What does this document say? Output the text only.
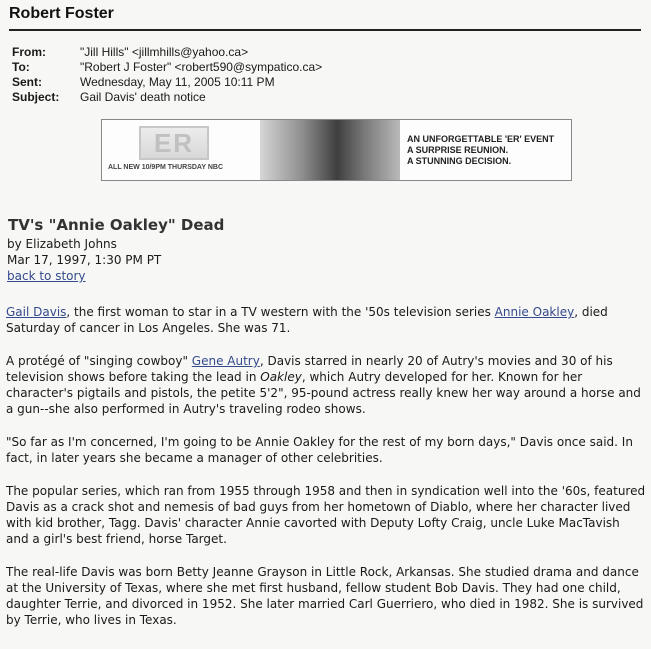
Robert Foster
From:	"Jill Hills" <jillmhills@yahoo.ca>
To:	"Robert J Foster" <robert590@sympatico.ca>
Sent:	Wednesday, May 11, 2005 10:11 PM
Subject:	Gail Davis' death notice
ER
ALL NEW 10/9PM THURSDAY NBC
AN UNFORGETTABLE 'ER' EVENT
A SURPRISE REUNION.
A STUNNING DECISION.
TV's "Annie Oakley" Dead
by Elizabeth Johns
Mar 17, 1997, 1:30 PM PT
back to story

Gail Davis, the first woman to star in a TV western with the '50s television series Annie Oakley, died Saturday of cancer in Los Angeles. She was 71.

A protégé of "singing cowboy" Gene Autry, Davis starred in nearly 20 of Autry's movies and 30 of his television shows before taking the lead in Oakley, which Autry developed for her. Known for her character's pigtails and pistols, the petite 5'2", 95-pound actress really knew her way around a horse and a gun--she also performed in Autry's traveling rodeo shows.

"So far as I'm concerned, I'm going to be Annie Oakley for the rest of my born days," Davis once said. In fact, in later years she became a manager of other celebrities.

The popular series, which ran from 1955 through 1958 and then in syndication well into the '60s, featured Davis as a crack shot and nemesis of bad guys from her hometown of Diablo, where her character lived with kid brother, Tagg. Davis' character Annie cavorted with Deputy Lofty Craig, uncle Luke MacTavish and a girl's best friend, horse Target.

The real-life Davis was born Betty Jeanne Grayson in Little Rock, Arkansas. She studied drama and dance at the University of Texas, where she met first husband, fellow student Bob Davis. They had one child, daughter Terrie, and divorced in 1952. She later married Carl Guerriero, who died in 1982. She is survived by Terrie, who lives in Texas.
